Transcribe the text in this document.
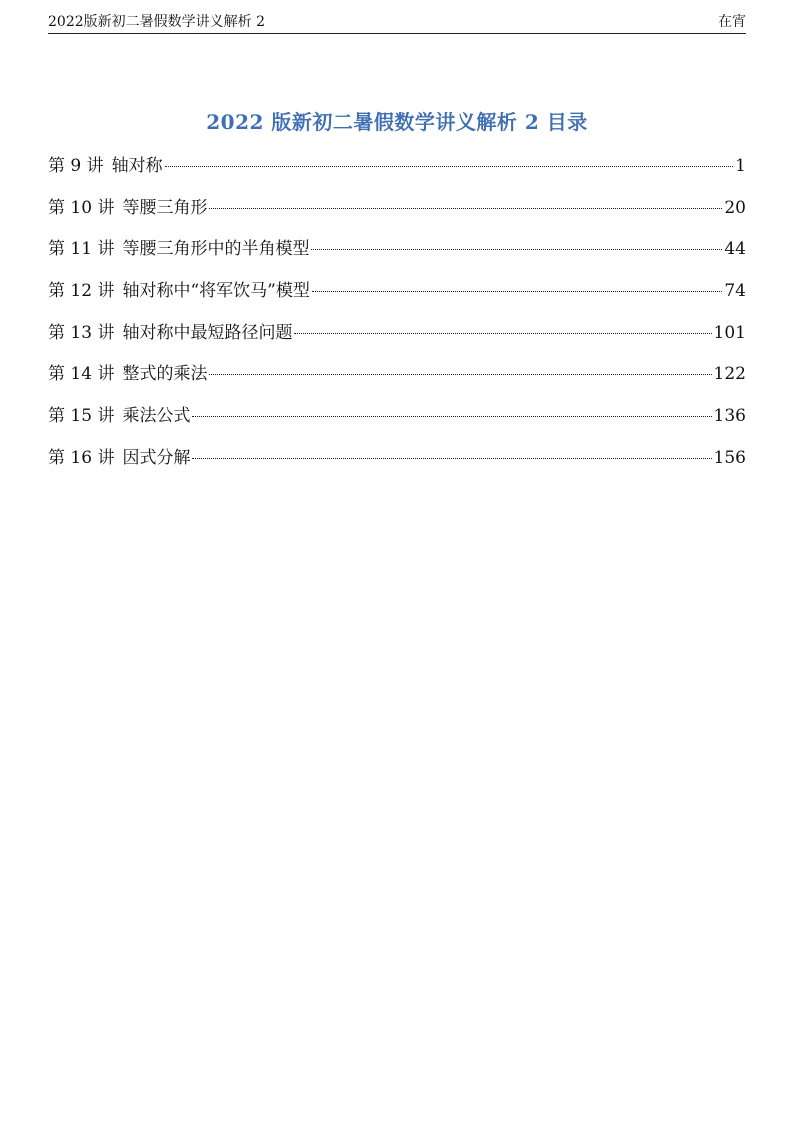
2022版新初二暑假数学讲义解析 2	在宵
2022 版新初二暑假数学讲义解析 2 目录
第 9 讲 轴对称	1
第 10 讲 等腰三角形	20
第 11 讲 等腰三角形中的半角模型	44
第 12 讲 轴对称中“将军饮马”模型	74
第 13 讲 轴对称中最短路径问题	101
第 14 讲 整式的乘法	122
第 15 讲 乘法公式	136
第 16 讲 因式分解	156
